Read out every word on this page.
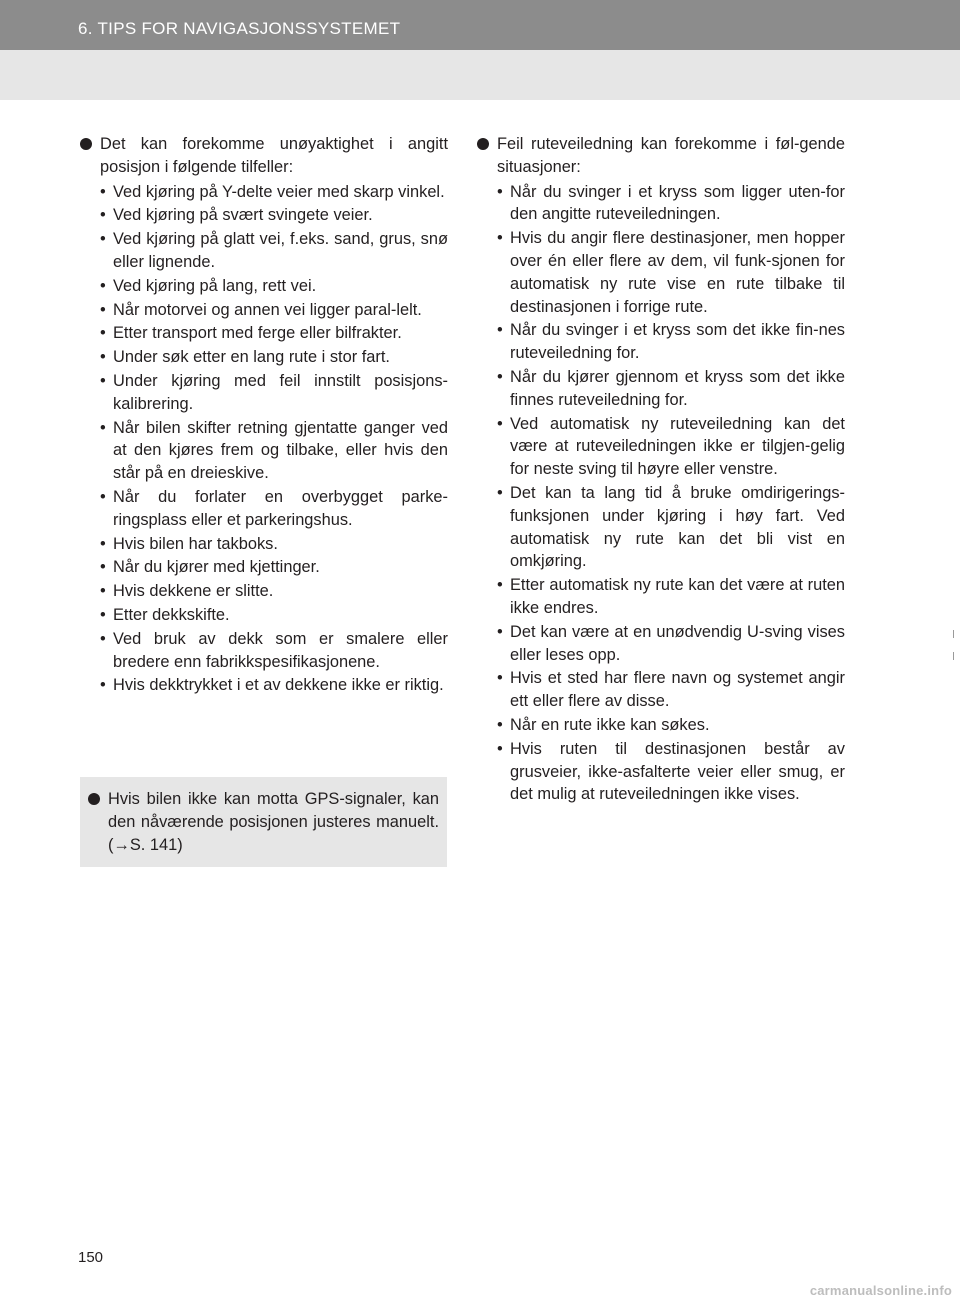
6. TIPS FOR NAVIGASJONSSYSTEMET
Det kan forekomme unøyaktighet i angitt posisjon i følgende tilfeller:
• Ved kjøring på Y-delte veier med skarp vinkel.
• Ved kjøring på svært svingete veier.
• Ved kjøring på glatt vei, f.eks. sand, grus, snø eller lignende.
• Ved kjøring på lang, rett vei.
• Når motorvei og annen vei ligger paral-lelt.
• Etter transport med ferge eller bilfrakter.
• Under søk etter en lang rute i stor fart.
• Under kjøring med feil innstilt posisjons-kalibrering.
• Når bilen skifter retning gjentatte ganger ved at den kjøres frem og tilbake, eller hvis den står på en dreieskive.
• Når du forlater en overbygget parke-ringsplass eller et parkeringshus.
• Hvis bilen har takboks.
• Når du kjører med kjettinger.
• Hvis dekkene er slitte.
• Etter dekkskifte.
• Ved bruk av dekk som er smalere eller bredere enn fabrikkspesifikasjonene.
• Hvis dekktrykket i et av dekkene ikke er riktig.
Hvis bilen ikke kan motta GPS-signaler, kan den nåværende posisjonen justeres manuelt. (→S. 141)
Feil ruteveiledning kan forekomme i føl-gende situasjoner:
• Når du svinger i et kryss som ligger uten-for den angitte ruteveiledningen.
• Hvis du angir flere destinasjoner, men hopper over én eller flere av dem, vil funk-sjonen for automatisk ny rute vise en rute tilbake til destinasjonen i forrige rute.
• Når du svinger i et kryss som det ikke fin-nes ruteveiledning for.
• Når du kjører gjennom et kryss som det ikke finnes ruteveiledning for.
• Ved automatisk ny ruteveiledning kan det være at ruteveiledningen ikke er tilgjen-gelig for neste sving til høyre eller venstre.
• Det kan ta lang tid å bruke omdirigerings-funksjonen under kjøring i høy fart. Ved automatisk ny rute kan det bli vist en omkjøring.
• Etter automatisk ny rute kan det være at ruten ikke endres.
• Det kan være at en unødvendig U-sving vises eller leses opp.
• Hvis et sted har flere navn og systemet angir ett eller flere av disse.
• Når en rute ikke kan søkes.
• Hvis ruten til destinasjonen består av grusveier, ikke-asfalterte veier eller smug, er det mulig at ruteveiledningen ikke vises.
150
carmanualsonline.info
